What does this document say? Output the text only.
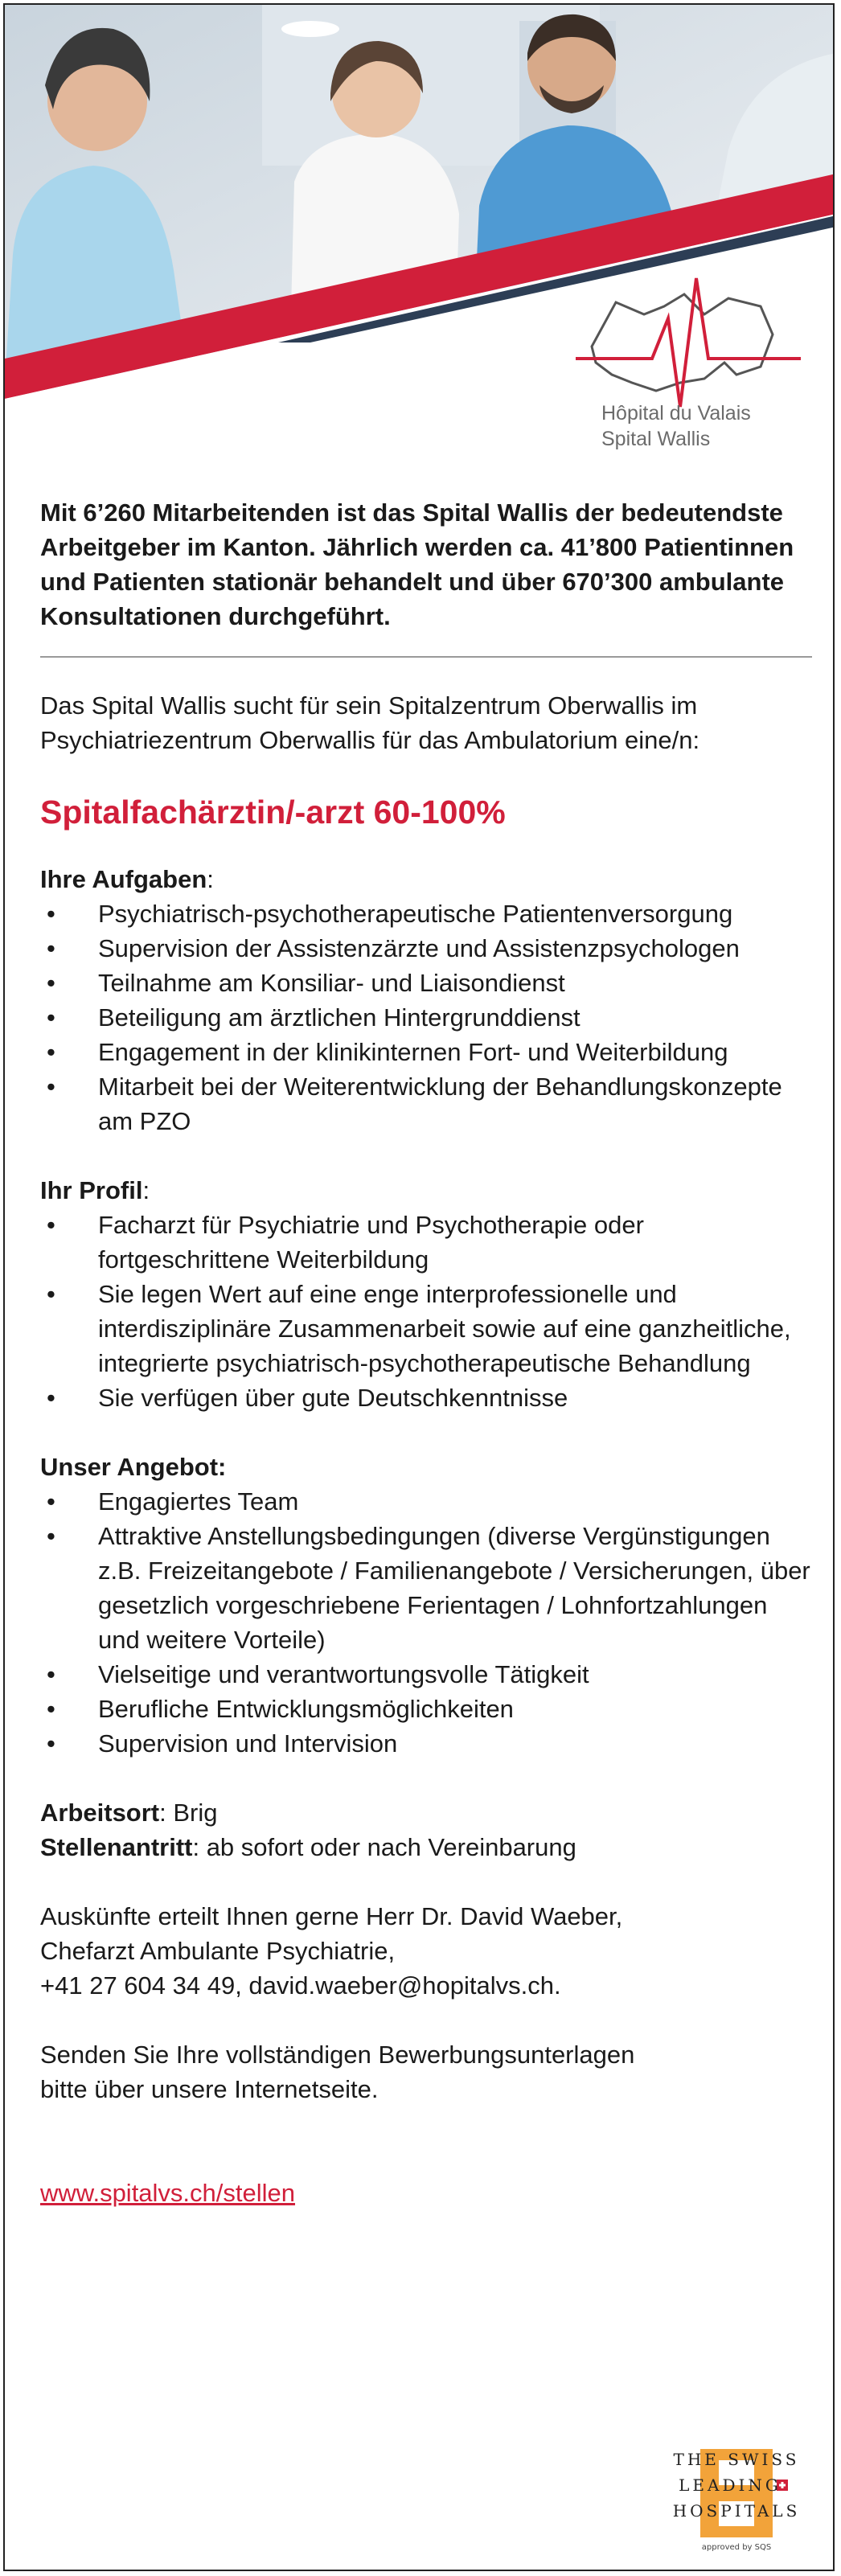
Hôpital du Valais
Spital Wallis

Mit 6’260 Mitarbeitenden ist das Spital Wallis der bedeutendste Arbeitgeber im Kanton. Jährlich werden ca. 41’800 Patientinnen und Patienten stationär behandelt und über 670’300 ambulante Konsultationen durchgeführt.

Das Spital Wallis sucht für sein Spitalzentrum Oberwallis im Psychiatriezentrum Oberwallis für das Ambulatorium eine/n:

Spitalfachärztin/-arzt 60-100%

Ihre Aufgaben:

• Psychiatrisch-psychotherapeutische Patientenversorgung
• Supervision der Assistenzärzte und Assistenzpsychologen
• Teilnahme am Konsiliar- und Liaisondienst
• Beteiligung am ärztlichen Hintergrunddienst
• Engagement in der klinikinternen Fort- und Weiterbildung
• Mitarbeit bei der Weiterentwicklung der Behandlungskonzepte am PZO

Ihr Profil:

• Facharzt für Psychiatrie und Psychotherapie oder fortgeschrittene Weiterbildung
• Sie legen Wert auf eine enge interprofessionelle und interdisziplinäre Zusammenarbeit sowie auf eine ganzheitliche, integrierte psychiatrisch-psychotherapeutische Behandlung
• Sie verfügen über gute Deutschkenntnisse

Unser Angebot:

• Engagiertes Team
• Attraktive Anstellungsbedingungen (diverse Vergünstigungen z.B. Freizeitangebote / Familienangebote / Versicherungen, über gesetzlich vorgeschriebene Ferientagen / Lohnfortzahlungen und weitere Vorteile)
• Vielseitige und verantwortungsvolle Tätigkeit
• Berufliche Entwicklungsmöglichkeiten
• Supervision und Intervision

Arbeitsort: Brig

Stellenantritt: ab sofort oder nach Vereinbarung

Auskünfte erteilt Ihnen gerne Herr Dr. David Waeber,

Chefarzt Ambulante Psychiatrie,

+41 27 604 34 49, david.waeber@hopitalvs.ch.

Senden Sie Ihre vollständigen Bewerbungsunterlagen

bitte über unsere Internetseite.

www.spitalvs.ch/stellen
THE SWISS
LEADING
HOSPITALS
approved by SQS
